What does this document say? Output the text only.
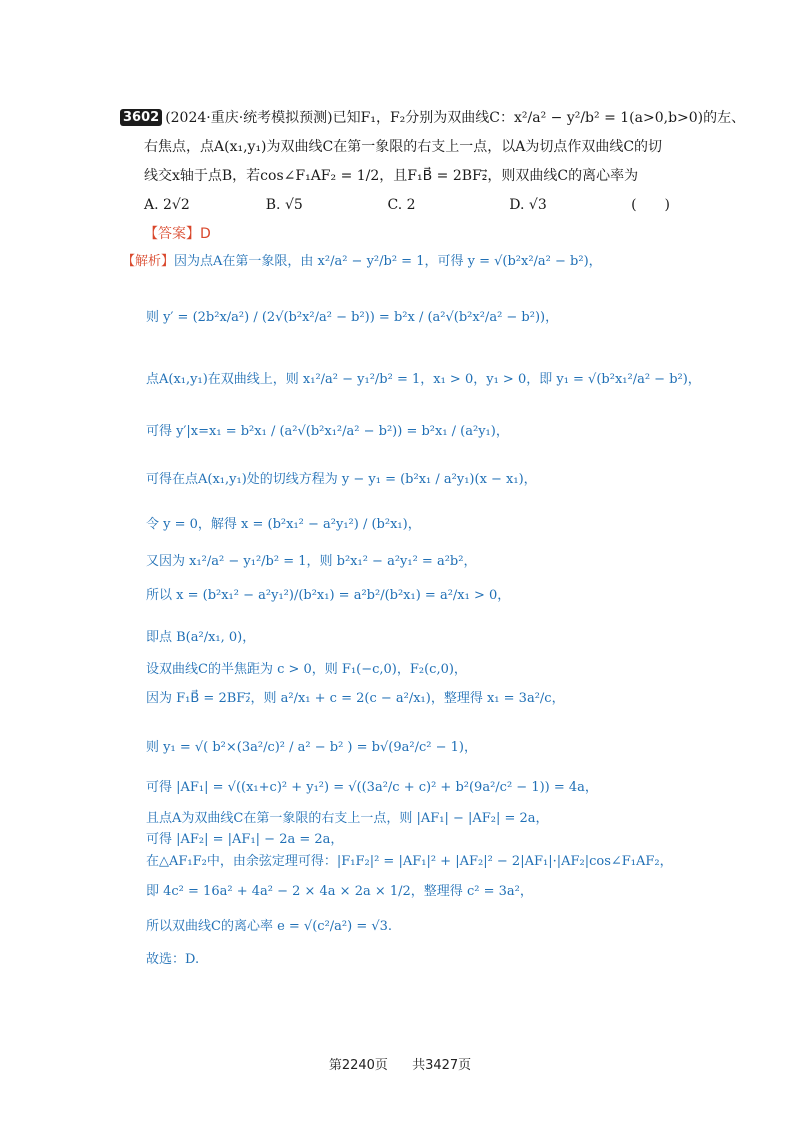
3602 (2024·重庆·统考模拟预测)已知F₁，F₂分别为双曲线C：x²/a² − y²/b² = 1(a>0,b>0)的左、
右焦点，点A(x₁,y₁)为双曲线C在第一象限的右支上一点，以A为切点作双曲线C的切
线交x轴于点B，若cos∠F₁AF₂ = 1/2，且F₁B⃗ = 2BF₂⃗，则双曲线C的离心率为
(　　)
A. 2√2	B. √5	C. 2	D. √3
【答案】D
【解析】因为点A在第一象限，由 x²/a² − y²/b² = 1，可得 y = √(b²x²/a² − b²)，
则 y′ = (2b²x/a²) / (2√(b²x²/a² − b²)) = b²x / (a²√(b²x²/a² − b²))，
点A(x₁,y₁)在双曲线上，则 x₁²/a² − y₁²/b² = 1，x₁ > 0，y₁ > 0，即 y₁ = √(b²x₁²/a² − b²)，
可得 y′|x=x₁ = b²x₁ / (a²√(b²x₁²/a² − b²)) = b²x₁ / (a²y₁)，
可得在点A(x₁,y₁)处的切线方程为 y − y₁ = (b²x₁ / a²y₁)(x − x₁)，
令 y = 0，解得 x = (b²x₁² − a²y₁²) / (b²x₁)，
又因为 x₁²/a² − y₁²/b² = 1，则 b²x₁² − a²y₁² = a²b²，
所以 x = (b²x₁² − a²y₁²)/(b²x₁) = a²b²/(b²x₁) = a²/x₁ > 0，
即点 B(a²/x₁, 0)，
设双曲线C的半焦距为 c > 0，则 F₁(−c,0)，F₂(c,0)，
因为 F₁B⃗ = 2BF₂⃗，则 a²/x₁ + c = 2(c − a²/x₁)，整理得 x₁ = 3a²/c，
则 y₁ = √( b²×(3a²/c)² / a² − b² ) = b√(9a²/c² − 1)，
可得 |AF₁| = √((x₁+c)² + y₁²) = √((3a²/c + c)² + b²(9a²/c² − 1)) = 4a，
且点A为双曲线C在第一象限的右支上一点，则 |AF₁| − |AF₂| = 2a，
可得 |AF₂| = |AF₁| − 2a = 2a，
在△AF₁F₂中，由余弦定理可得：|F₁F₂|² = |AF₁|² + |AF₂|² − 2|AF₁|·|AF₂|cos∠F₁AF₂，
即 4c² = 16a² + 4a² − 2 × 4a × 2a × 1/2，整理得 c² = 3a²，
所以双曲线C的离心率 e = √(c²/a²) = √3.
故选：D.
第2240页 共3427页
